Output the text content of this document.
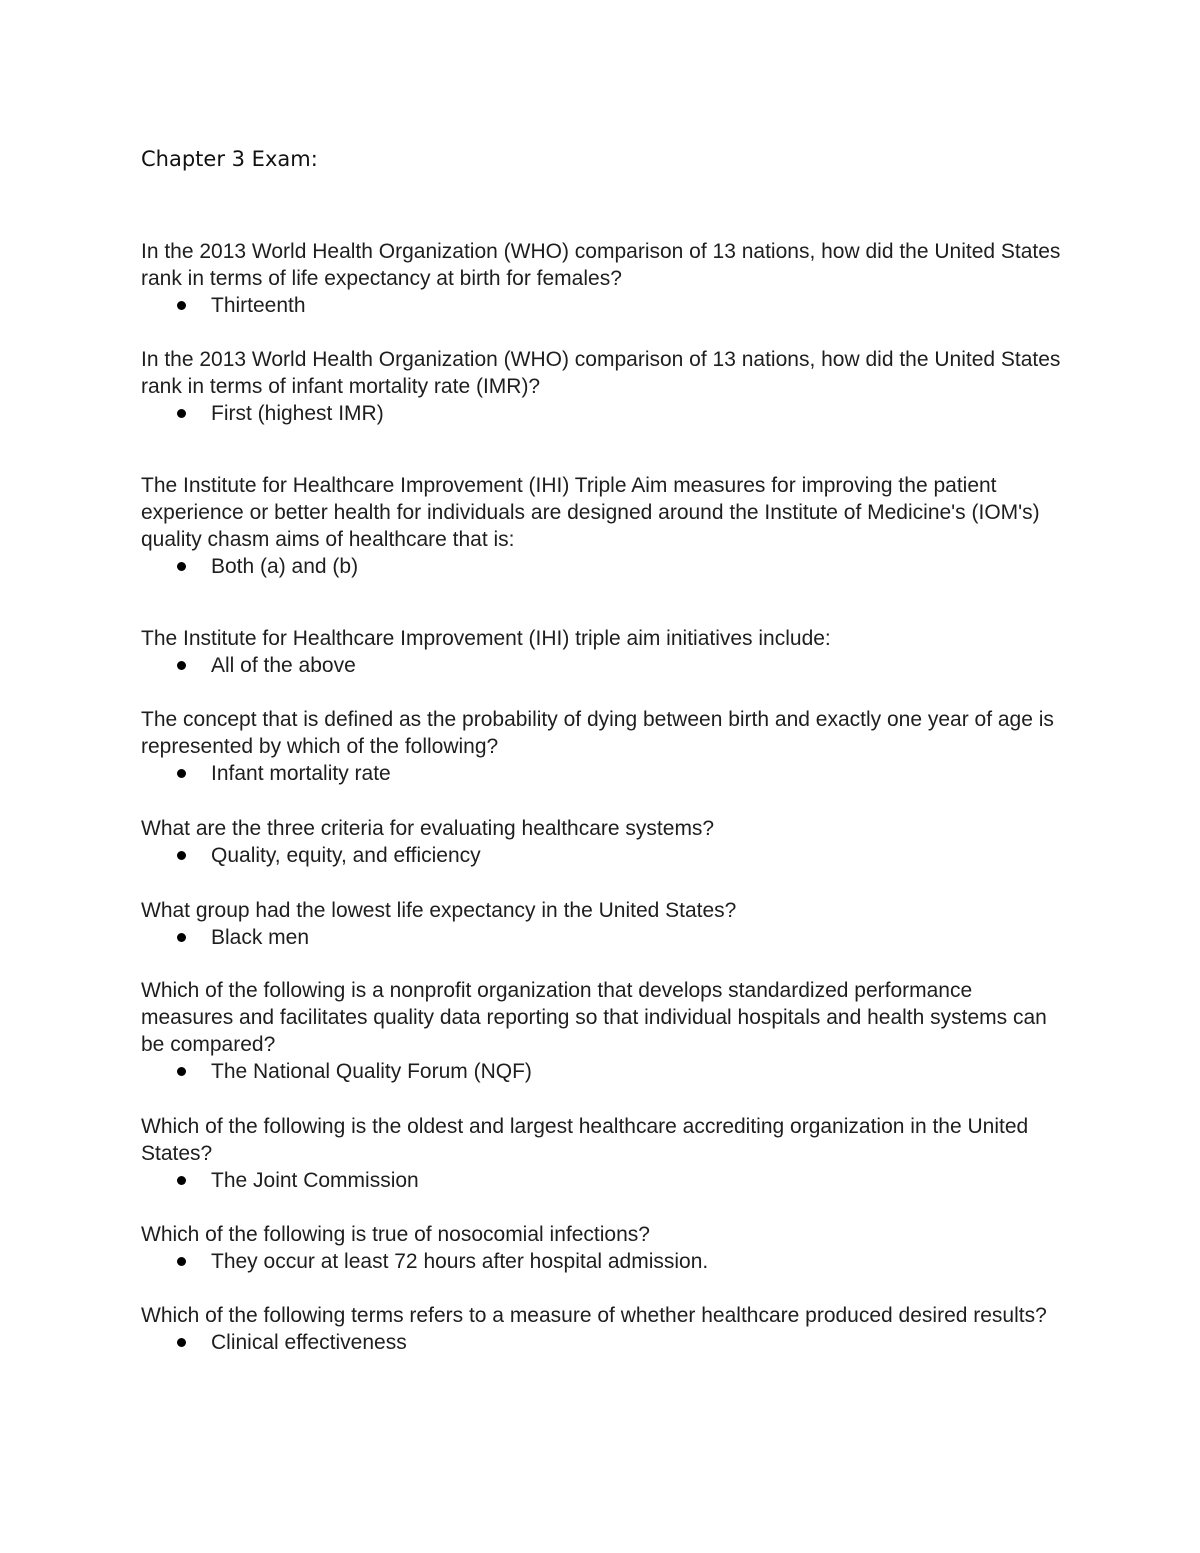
Chapter 3 Exam:

In the 2013 World Health Organization (WHO) comparison of 13 nations, how did the United States rank in terms of life expectancy at birth for females?

Thirteenth

In the 2013 World Health Organization (WHO) comparison of 13 nations, how did the United States rank in terms of infant mortality rate (IMR)?

First (highest IMR)

The Institute for Healthcare Improvement (IHI) Triple Aim measures for improving the patient experience or better health for individuals are designed around the Institute of Medicine's (IOM's) quality chasm aims of healthcare that is:

Both (a) and (b)

The Institute for Healthcare Improvement (IHI) triple aim initiatives include:

All of the above

The concept that is defined as the probability of dying between birth and exactly one year of age is represented by which of the following?

Infant mortality rate

What are the three criteria for evaluating healthcare systems?

Quality, equity, and efficiency

What group had the lowest life expectancy in the United States?

Black men

Which of the following is a nonprofit organization that develops standardized performance measures and facilitates quality data reporting so that individual hospitals and health systems can be compared?

The National Quality Forum (NQF)

Which of the following is the oldest and largest healthcare accrediting organization in the United States?

The Joint Commission

Which of the following is true of nosocomial infections?

They occur at least 72 hours after hospital admission.

Which of the following terms refers to a measure of whether healthcare produced desired results?

Clinical effectiveness
